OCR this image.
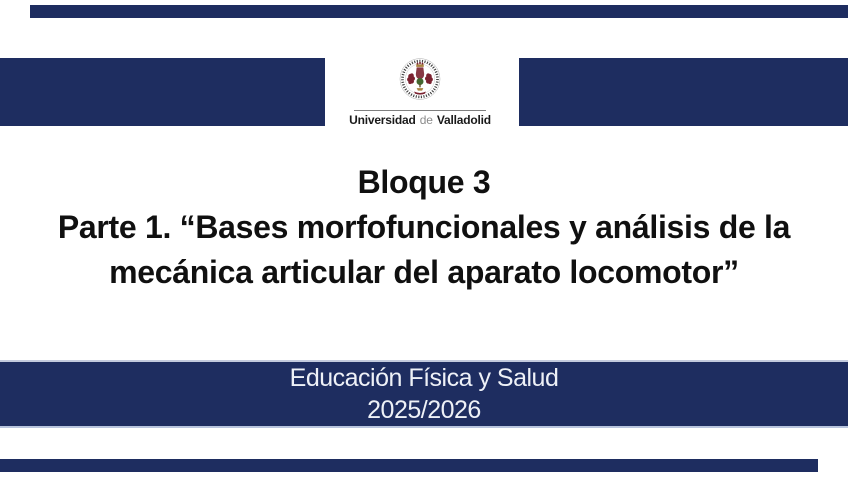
Universidad de Valladolid
Bloque 3
Parte 1. “Bases morfofuncionales y análisis de la
mecánica articular del aparato locomotor”
Educación Física y Salud
2025/2026
